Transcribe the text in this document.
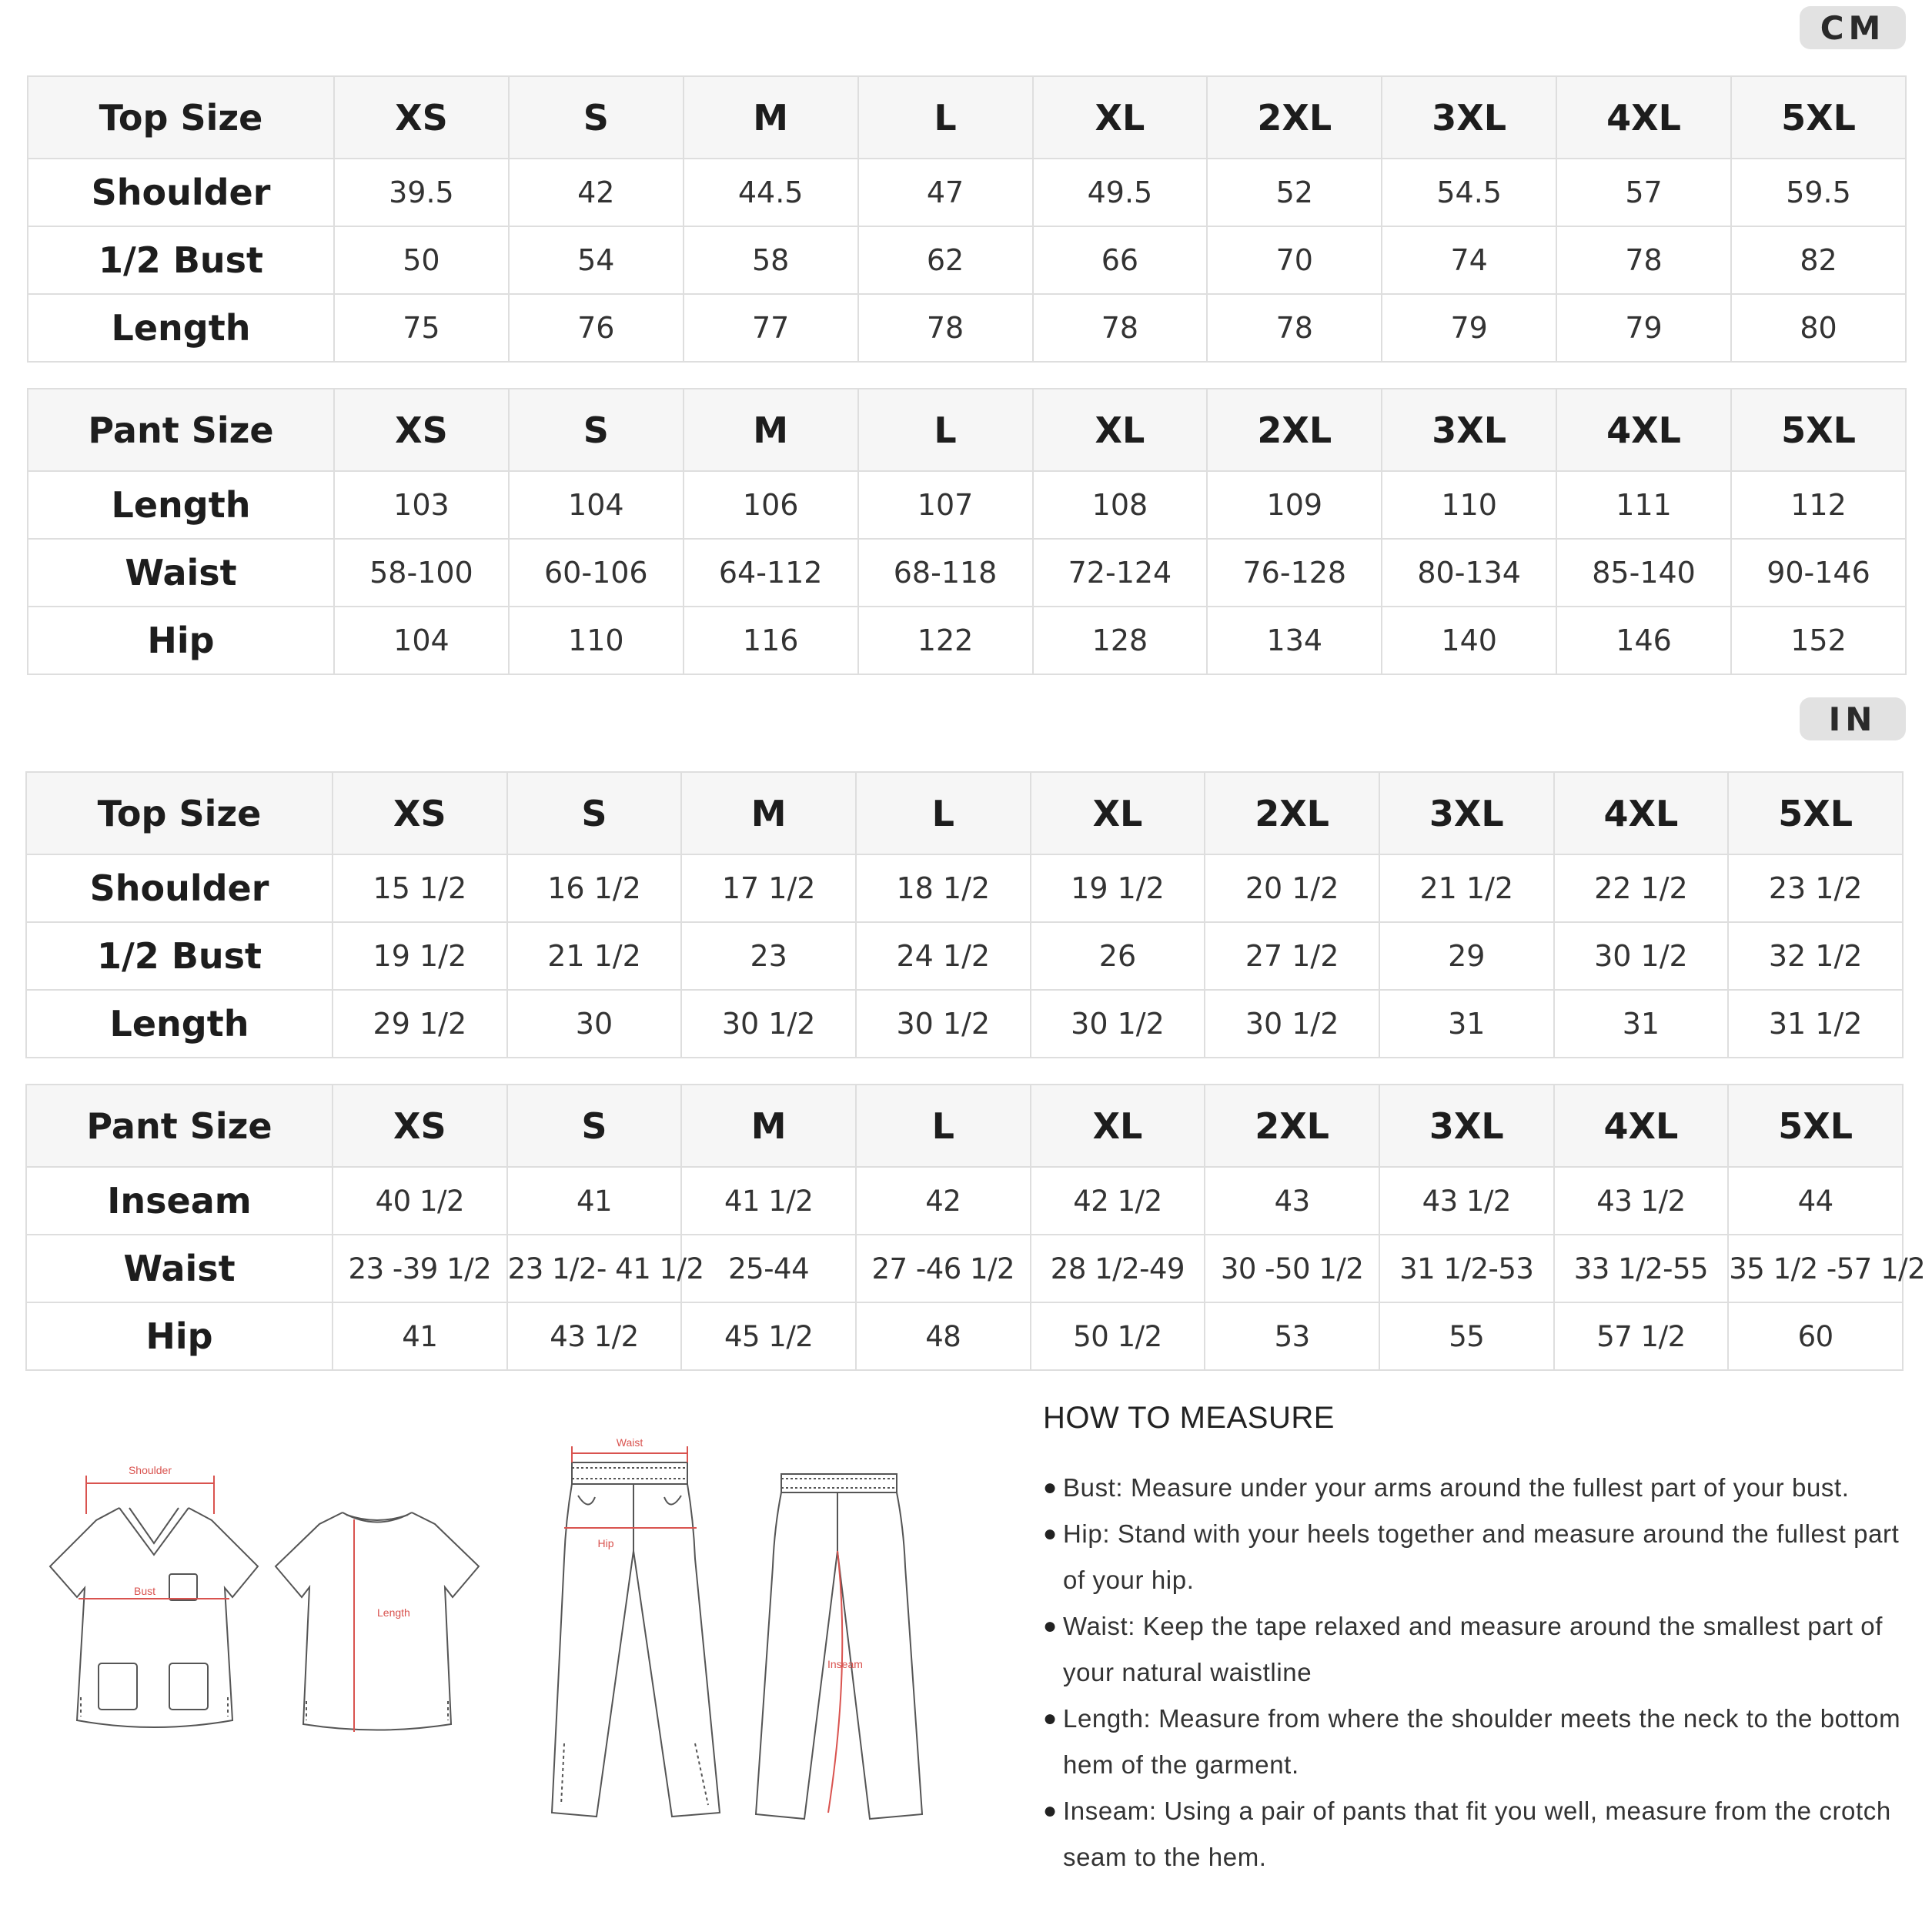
CM
IN
Top Size	XS	S	M	L	XL	2XL	3XL	4XL	5XL
Shoulder	39.5	42	44.5	47	49.5	52	54.5	57	59.5
1/2 Bust	50	54	58	62	66	70	74	78	82
Length	75	76	77	78	78	78	79	79	80
Pant Size	XS	S	M	L	XL	2XL	3XL	4XL	5XL
Length	103	104	106	107	108	109	110	111	112
Waist	58-100	60-106	64-112	68-118	72-124	76-128	80-134	85-140	90-146
Hip	104	110	116	122	128	134	140	146	152
Top Size	XS	S	M	L	XL	2XL	3XL	4XL	5XL
Shoulder	15 1/2	16 1/2	17 1/2	18 1/2	19 1/2	20 1/2	21 1/2	22 1/2	23 1/2
1/2 Bust	19 1/2	21 1/2	23	24 1/2	26	27 1/2	29	30 1/2	32 1/2
Length	29 1/2	30	30 1/2	30 1/2	30 1/2	30 1/2	31	31	31 1/2
Pant Size	XS	S	M	L	XL	2XL	3XL	4XL	5XL
Inseam	40 1/2	41	41 1/2	42	42 1/2	43	43 1/2	43 1/2	44
Waist	23 -39 1/2	23 1/2- 41 1/2	25-44	27 -46 1/2	28 1/2-49	30 -50 1/2	31 1/2-53	33 1/2-55	35 1/2 -57 1/2
Hip	41	43 1/2	45 1/2	48	50 1/2	53	55	57 1/2	60
Shoulder
Bust
Length
Waist
Hip
Inseam
HOW TO MEASURE
● Bust: Measure under your arms around the fullest part of your bust.
● Hip: Stand with your heels together and measure around the fullest part of your hip.
● Waist: Keep the tape relaxed and measure around the smallest part of your natural waistline
● Length: Measure from where the shoulder meets the neck to the bottom hem of the garment.
● Inseam: Using a pair of pants that fit you well, measure from the crotch seam to the hem.
